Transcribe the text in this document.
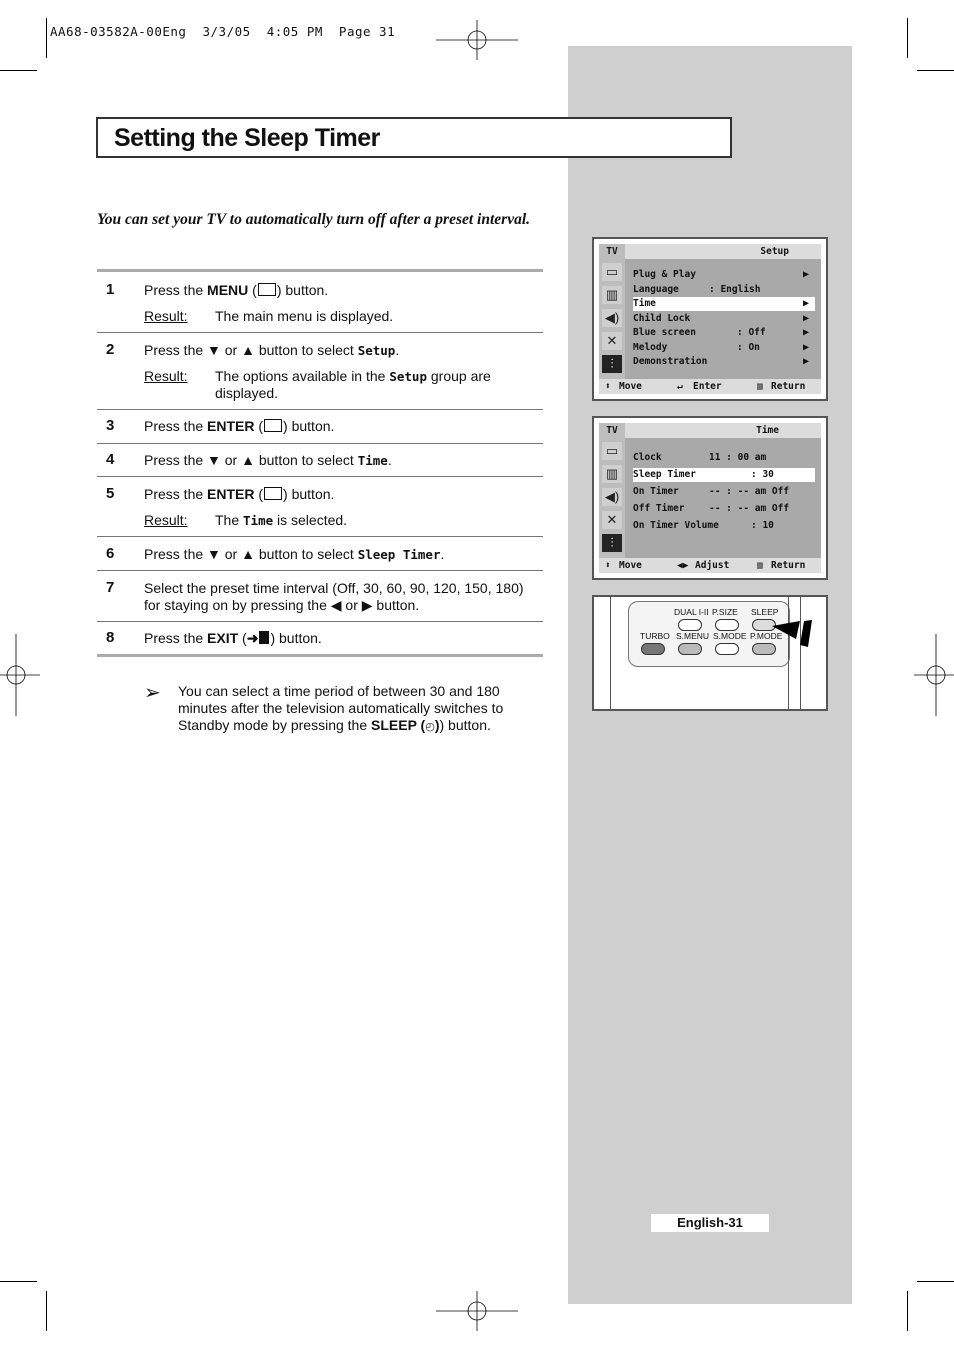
AA68-03582A-00Eng  3/3/05  4:05 PM  Page 31
Setting the Sleep Timer
You can set your TV to automatically turn off after a preset interval.
1 Press the MENU ( ) button.
Result: The main menu is displayed.
2 Press the ▼ or ▲ button to select Setup.
Result: The options available in the Setup group are displayed.
3 Press the ENTER ( ) button.
4 Press the ▼ or ▲ button to select Time.
5 Press the ENTER ( ) button.
Result: The Time is selected.
6 Press the ▼ or ▲ button to select Sleep Timer.
7 Select the preset time interval (Off, 30, 60, 90, 120, 150, 180) for staying on by pressing the ◀ or ▶ button.
8 Press the EXIT (➜ ) button.
➢ You can select a time period of between 30 and 180 minutes after the television automatically switches to Standby mode by pressing the SLEEP (◴)) button.
TV	Setup
▭
▥
◀)
✕
⫶
Plug & Play	▶
Language	: English
Time	▶
Child Lock	▶
Blue screen	: Off	▶
Melody	: On	▶
Demonstration	▶
⬍ Move	↵ Enter	▥ Return
TV	Time
▭
▥
◀)
✕
⫶
Clock	11 : 00 am
Sleep Timer	: 30
On Timer	-- : -- am Off
Off Timer	-- : -- am Off
On Timer Volume	: 10
⬍ Move	◀▶ Adjust	▥ Return
DUAL I-II P.SIZE SLEEP
TURBO S.MENU S.MODE P.MODE
English-31
